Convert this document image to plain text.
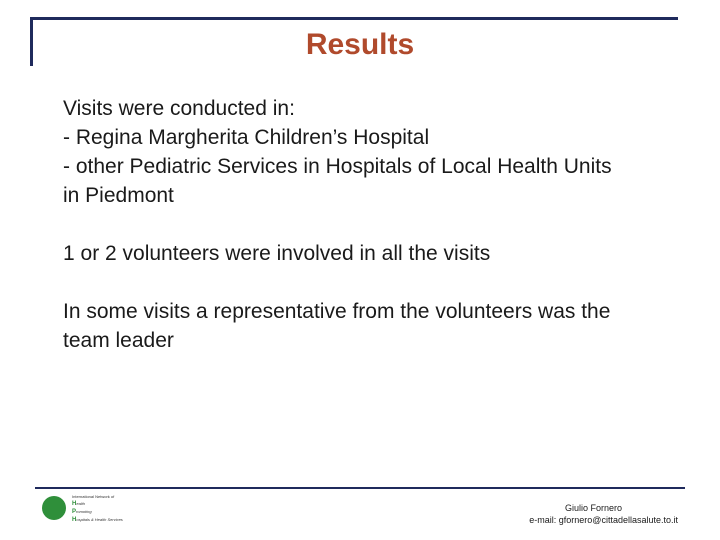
Results
Visits were conducted in:
- Regina Margherita Children’s Hospital
- other Pediatric Services in Hospitals of Local Health Units
in Piedmont
1 or 2 volunteers were involved in all the visits
In some visits a representative from the volunteers was the
team leader
International Network of
Health
Promoting
Hospitals & Health Services
Giulio Fornero
e-mail: gfornero@cittadellasalute.to.it
